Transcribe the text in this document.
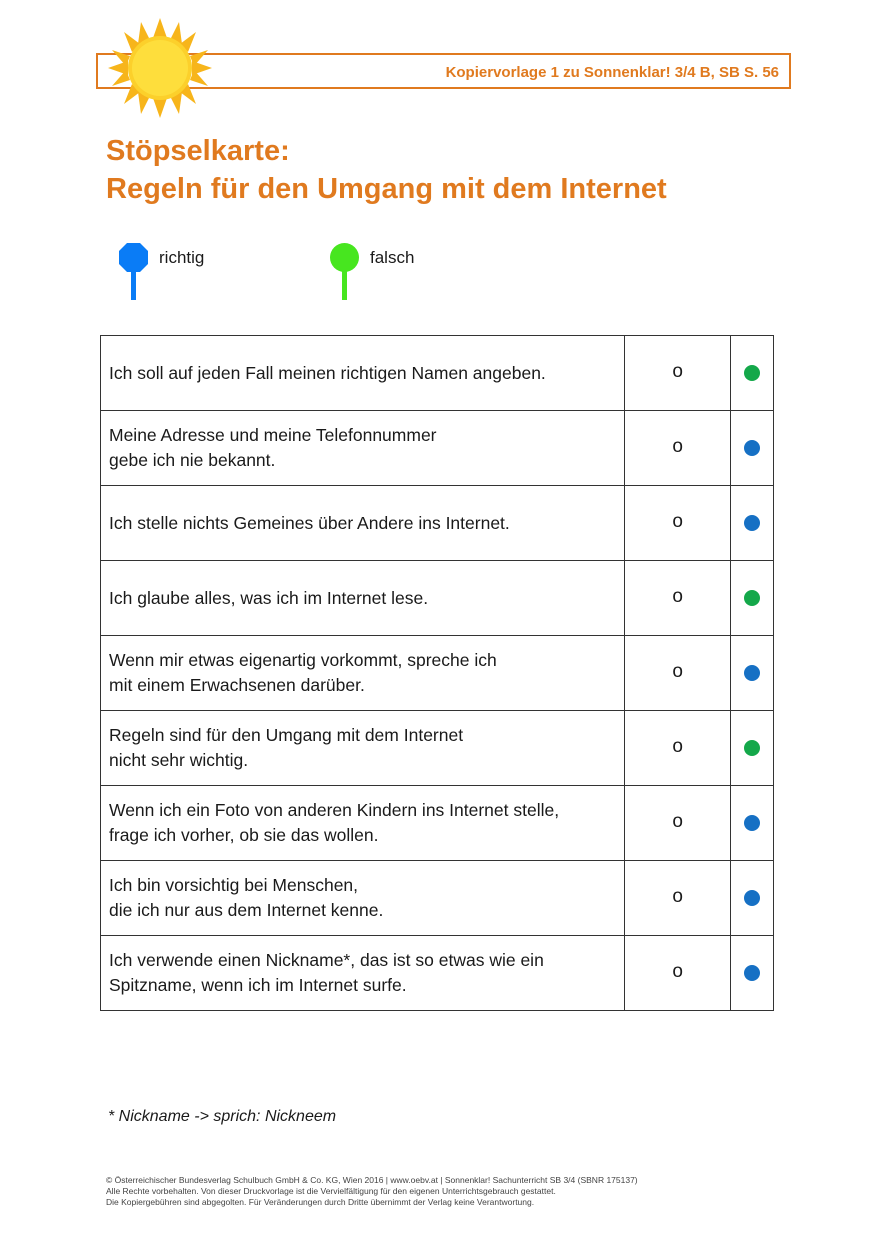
Kopiervorlage 1 zu Sonnenklar! 3/4 B, SB S. 56
Stöpselkarte:
Regeln für den Umgang mit dem Internet
richtig	falsch
Ich soll auf jeden Fall meinen richtigen Namen angeben.	o	
Meine Adresse und meine Telefonnummer
gebe ich nie bekannt.	o	
Ich stelle nichts Gemeines über Andere ins Internet.	o	
Ich glaube alles, was ich im Internet lese.	o	
Wenn mir etwas eigenartig vorkommt, spreche ich
mit einem Erwachsenen darüber.	o	
Regeln sind für den Umgang mit dem Internet
nicht sehr wichtig.	o	
Wenn ich ein Foto von anderen Kindern ins Internet stelle,
frage ich vorher, ob sie das wollen.	o	
Ich bin vorsichtig bei Menschen,
die ich nur aus dem Internet kenne.	o	
Ich verwende einen Nickname*, das ist so etwas wie ein
Spitzname, wenn ich im Internet surfe.	o	
* Nickname -> sprich: Nickneem
© Österreichischer Bundesverlag Schulbuch GmbH & Co. KG, Wien 2016 | www.oebv.at | Sonnenklar! Sachunterricht SB 3/4 (SBNR 175137)
Alle Rechte vorbehalten. Von dieser Druckvorlage ist die Vervielfältigung für den eigenen Unterrichtsgebrauch gestattet.
Die Kopiergebühren sind abgegolten. Für Veränderungen durch Dritte übernimmt der Verlag keine Verantwortung.
